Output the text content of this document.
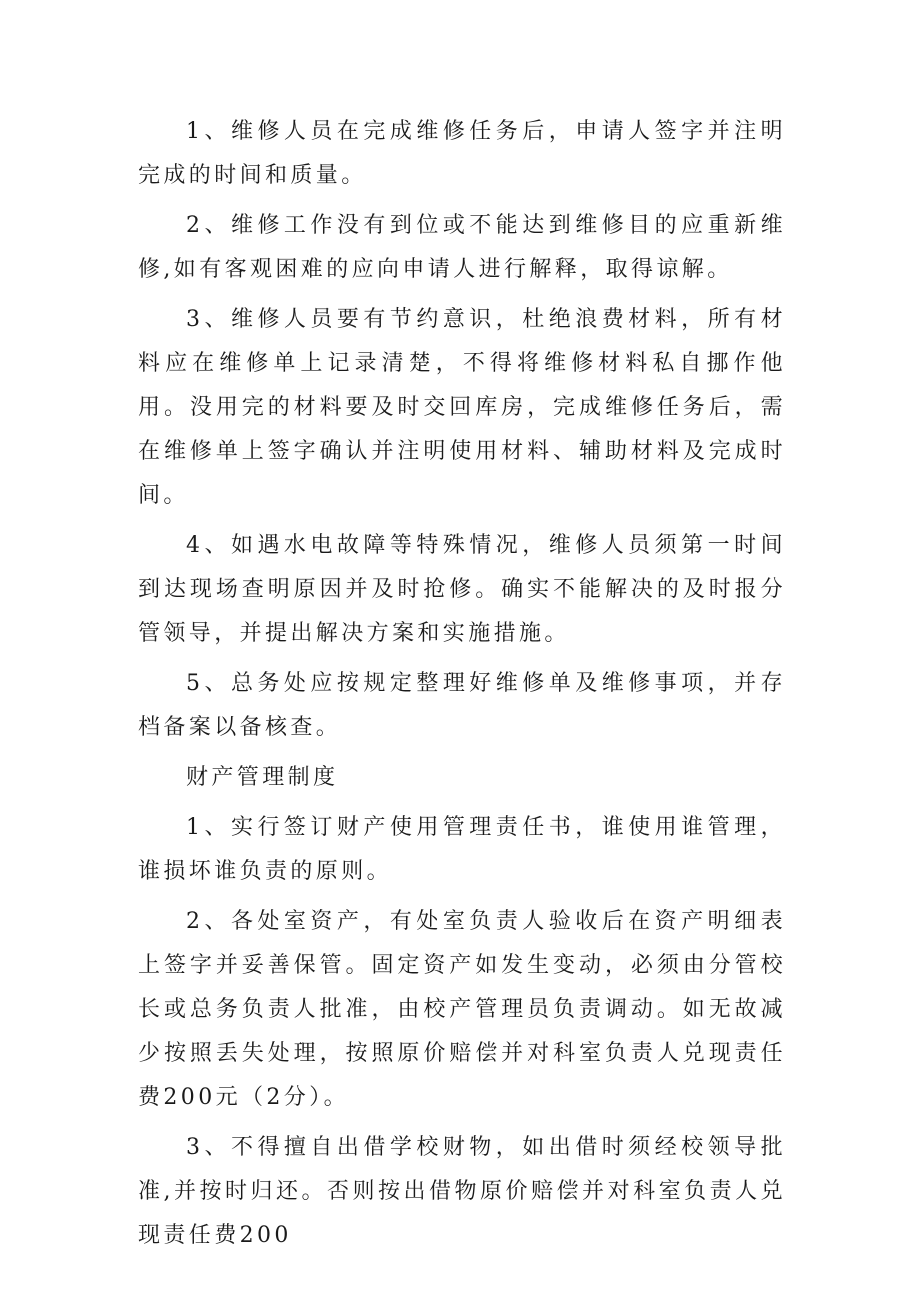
1、维修人员在完成维修任务后，申请人签字并注明完成的时间和质量。

2、维修工作没有到位或不能达到维修目的应重新维修,如有客观困难的应向申请人进行解释，取得谅解。

3、维修人员要有节约意识，杜绝浪费材料，所有材料应在维修单上记录清楚，不得将维修材料私自挪作他用。没用完的材料要及时交回库房，完成维修任务后，需在维修单上签字确认并注明使用材料、辅助材料及完成时间。

4、如遇水电故障等特殊情况，维修人员须第一时间到达现场查明原因并及时抢修。确实不能解决的及时报分管领导，并提出解决方案和实施措施。

5、总务处应按规定整理好维修单及维修事项，并存档备案以备核查。

财产管理制度

1、实行签订财产使用管理责任书，谁使用谁管理，谁损坏谁负责的原则。

2、各处室资产，有处室负责人验收后在资产明细表上签字并妥善保管。固定资产如发生变动，必须由分管校长或总务负责人批准，由校产管理员负责调动。如无故减少按照丢失处理，按照原价赔偿并对科室负责人兑现责任费200元（2分）。

3、不得擅自出借学校财物，如出借时须经校领导批准,并按时归还。否则按出借物原价赔偿并对科室负责人兑现责任费200
